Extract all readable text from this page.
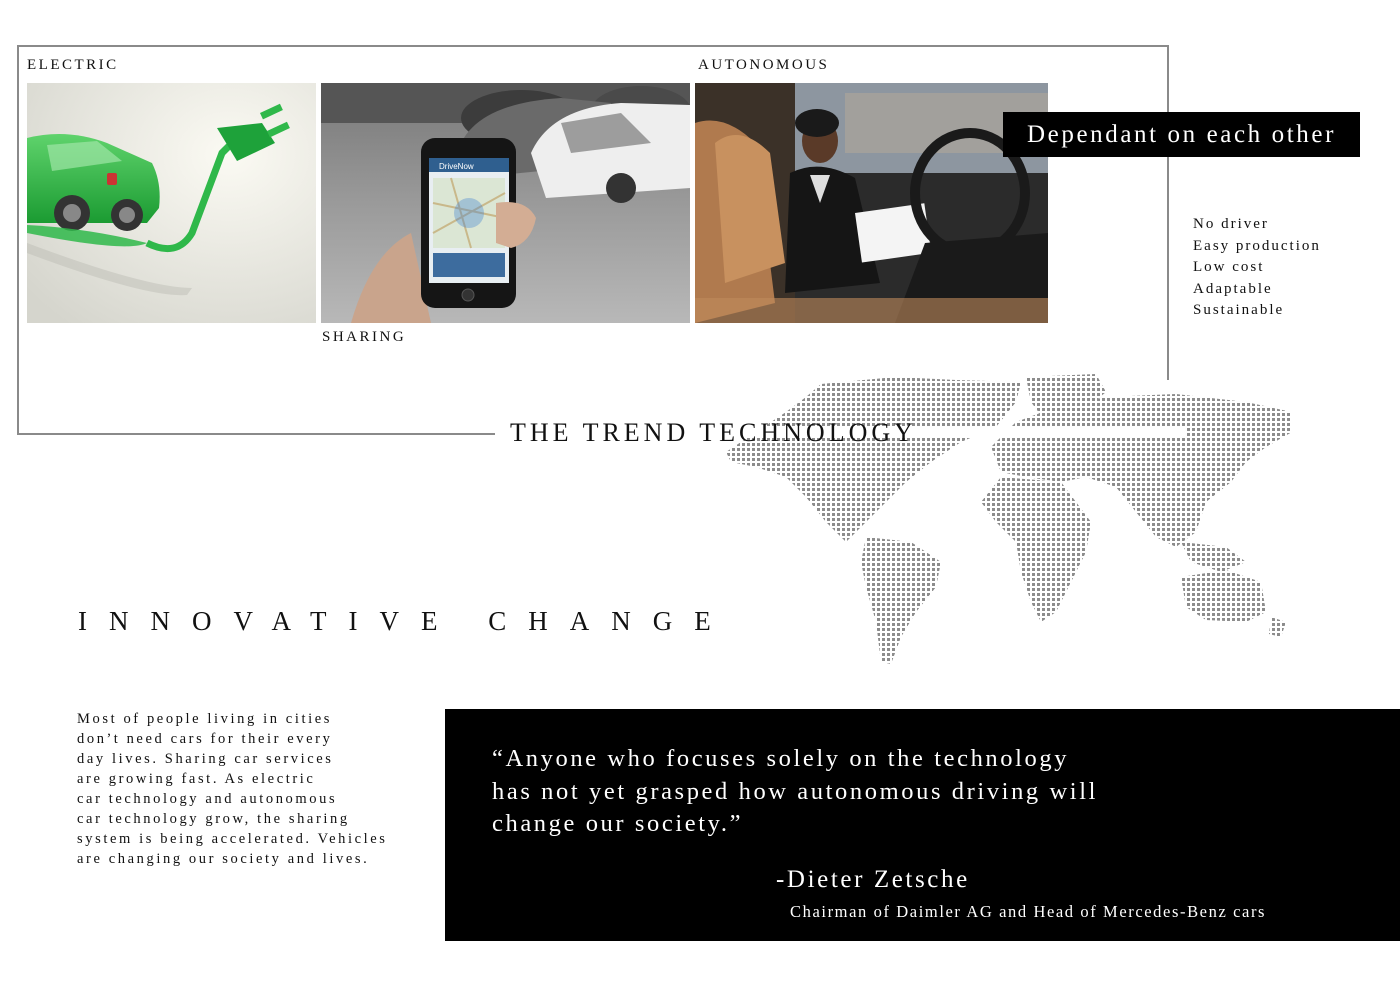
ELECTRIC	AUTONOMOUS
SHARING
DriveNow
Dependant on each other
No driver
Easy production
Low cost
Adaptable
Sustainable
THE TREND TECHNOLOGY
INNOVATIVE CHANGE
Most of people living in cities
don’t need cars for their every
day lives. Sharing car services
are growing fast. As electric
car technology and autonomous
car technology grow, the sharing
system is being accelerated. Vehicles
are changing our society and lives.
“Anyone who focuses solely on the technology
has not yet grasped how autonomous driving will
change our society.”
-Dieter Zetsche
Chairman of Daimler AG and Head of Mercedes-Benz cars
